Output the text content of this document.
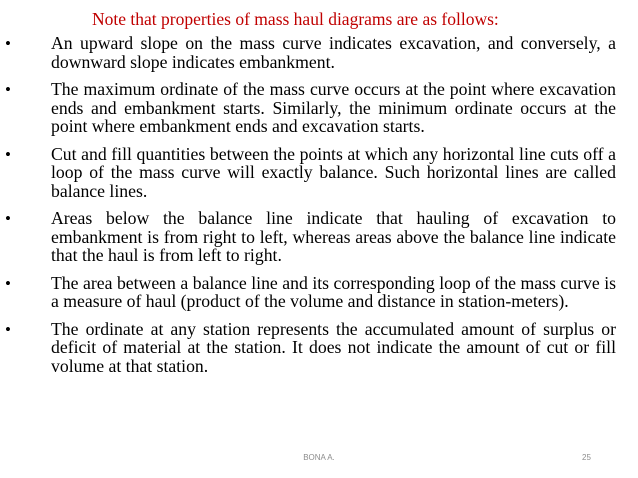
Note that properties of mass haul diagrams are as follows:
• An upward slope on the mass curve indicates excavation, and conversely, a downward slope indicates embankment.
• The maximum ordinate of the mass curve occurs at the point where excavation ends and embankment starts. Similarly, the minimum ordinate occurs at the point where embankment ends and excavation starts.
• Cut and fill quantities between the points at which any horizontal line cuts off a loop of the mass curve will exactly balance. Such horizontal lines are called balance lines.
• Areas below the balance line indicate that hauling of excavation to embankment is from right to left, whereas areas above the balance line indicate that the haul is from left to right.
• The area between a balance line and its corresponding loop of the mass curve is a measure of haul (product of the volume and distance in station-meters).
• The ordinate at any station represents the accumulated amount of surplus or deficit of material at the station. It does not indicate the amount of cut or fill volume at that station.
BONA A.	25
